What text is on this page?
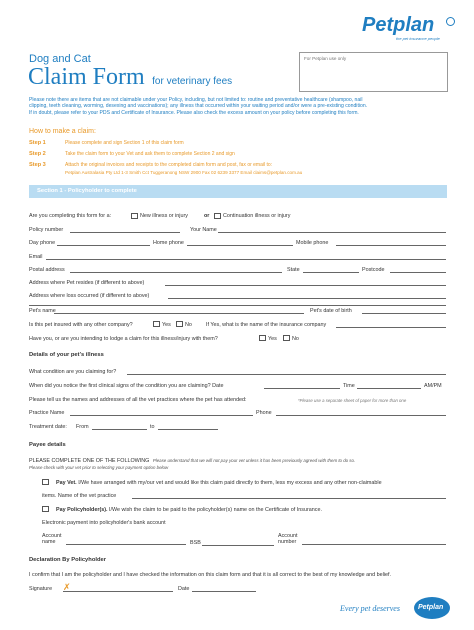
Petplan
the pet insurance people
Dog and Cat
Claim Form for veterinary fees
For Petplan use only
Please note there are items that are not claimable under your Policy, including, but not limited to: routine and preventative healthcare (shampoo, nail
clipping, teeth cleaning, worming, desexing and vaccinations); any illness that occurred within your waiting period and/or were a pre-existing condition.
If in doubt, please refer to your PDS and Certificate of Insurance. Please also check the excess amount on your policy before completing this form.
How to make a claim:
Step 1	Please complete and sign Section 1 of this claim form
Step 2	Take the claim form to your Vet and ask them to complete Section 2 and sign
Step 3	Attach the original invoices and receipts to the completed claim form and post, fax or email to:
Petplan Australasia Pty Ltd 1-3 Smith Cct Tuggeranong NSW 2900 Fax 02 6239 3377 Email claims@petplan.com.au
Section 1 - Policyholder to complete
Are you completing this form for a:	New illness or injury	or	Continuation illness or injury
Policy number	Your Name
Day phone	Home phone	Mobile phone
Email
Postal address	State	Postcode
Address where Pet resides (if different to above)
Address where loss occurred (if different to above)
Pet's name	Pet's date of birth
Is this pet insured with any other company?	Yes	No	If Yes, what is the name of the insurance company
Have you, or are you intending to lodge a claim for this illness/injury with them?	Yes	No
Details of your pet's illness
What condition are you claiming for?
When did you notice the first clinical signs of the condition you are claiming? Date	Time	AM/PM
Please tell us the names and addresses of all the vet practices where the pet has attended:	*Please use a separate sheet of paper for more than one
Practice Name	Phone
Treatment date: From	to
Payee details
PLEASE COMPLETE ONE OF THE FOLLOWING Please understand that we will not pay your vet unless it has been previously agreed with them to do so.
Please check with your vet prior to selecting your payment option below
Pay Vet. I/We have arranged with my/our vet and would like this claim paid directly to them, less my excess and any other non-claimable
items. Name of the vet practice
Pay Policyholder(s). I/We wish the claim to be paid to the policyholder(s) name on the Certificate of Insurance.
Electronic payment into policyholder's bank account
Account
name	BSB
Account
number
Declaration By Policyholder
I confirm that I am the policyholder and I have checked the information on this claim form and that it is all correct to the best of my knowledge and belief.
Signature ✗	Date
Every pet deserves	Petplan
